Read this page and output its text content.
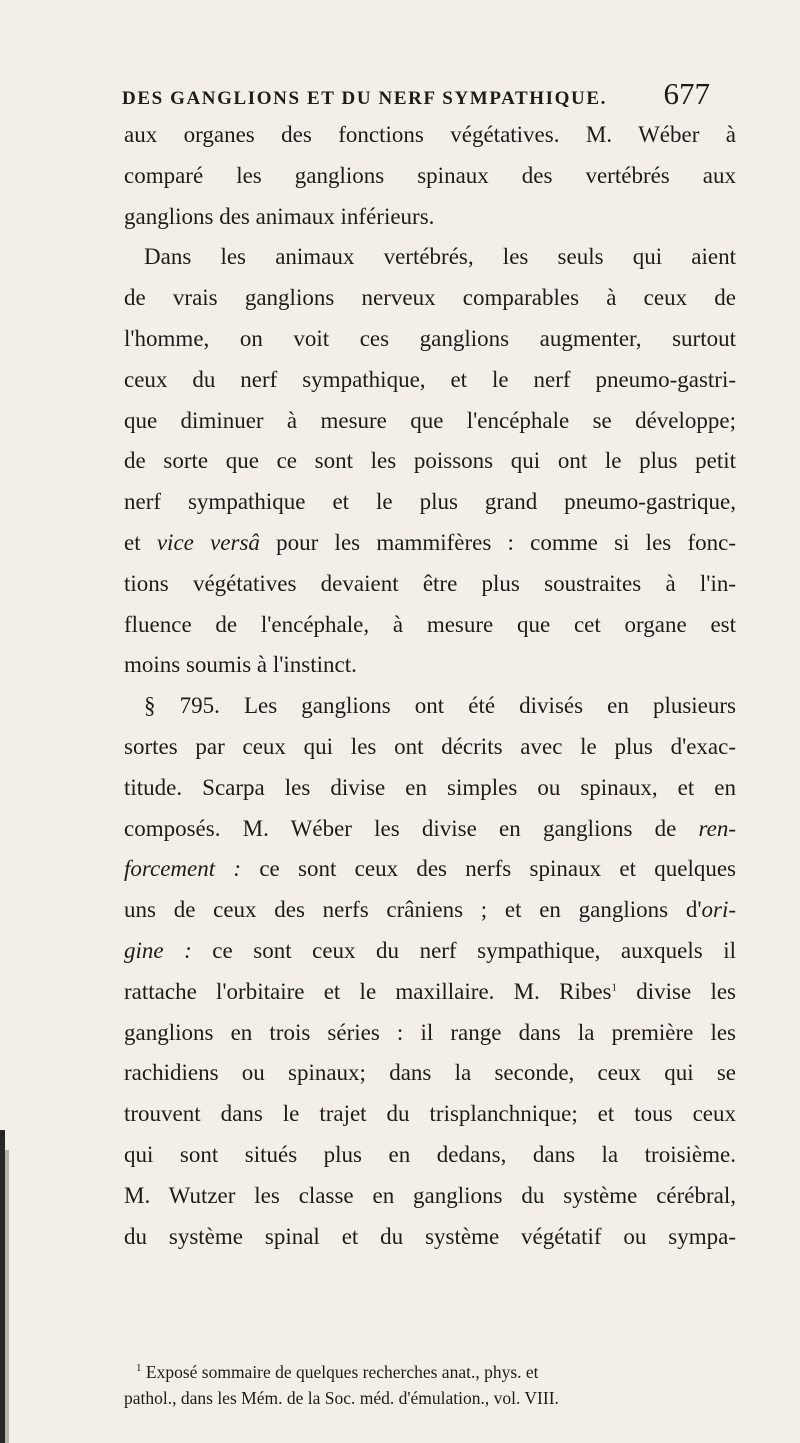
DES GANGLIONS ET DU NERF SYMPATHIQUE. 677
aux organes des fonctions végétatives. M. Wéber à
comparé les ganglions spinaux des vertébrés aux
ganglions des animaux inférieurs.
Dans les animaux vertébrés, les seuls qui aient
de vrais ganglions nerveux comparables à ceux de
l'homme, on voit ces ganglions augmenter, surtout
ceux du nerf sympathique, et le nerf pneumo-gastri-
que diminuer à mesure que l'encéphale se développe;
de sorte que ce sont les poissons qui ont le plus petit
nerf sympathique et le plus grand pneumo-gastrique,
et vice versâ pour les mammifères : comme si les fonc-
tions végétatives devaient être plus soustraites à l'in-
fluence de l'encéphale, à mesure que cet organe est
moins soumis à l'instinct.
§ 795. Les ganglions ont été divisés en plusieurs
sortes par ceux qui les ont décrits avec le plus d'exac-
titude. Scarpa les divise en simples ou spinaux, et en
composés. M. Wéber les divise en ganglions de ren-
forcement : ce sont ceux des nerfs spinaux et quelques
uns de ceux des nerfs crâniens ; et en ganglions d'ori-
gine : ce sont ceux du nerf sympathique, auxquels il
rattache l'orbitaire et le maxillaire. M. Ribes$^1$ divise les
ganglions en trois séries : il range dans la première les
rachidiens ou spinaux; dans la seconde, ceux qui se
trouvent dans le trajet du trisplanchnique; et tous ceux
qui sont situés plus en dedans, dans la troisième.
M. Wutzer les classe en ganglions du système cérébral,
du système spinal et du système végétatif ou sympa-
$^1$ Exposé sommaire de quelques recherches anat., phys. et
pathol., dans les Mém. de la Soc. méd. d'émulation., vol. VIII.
